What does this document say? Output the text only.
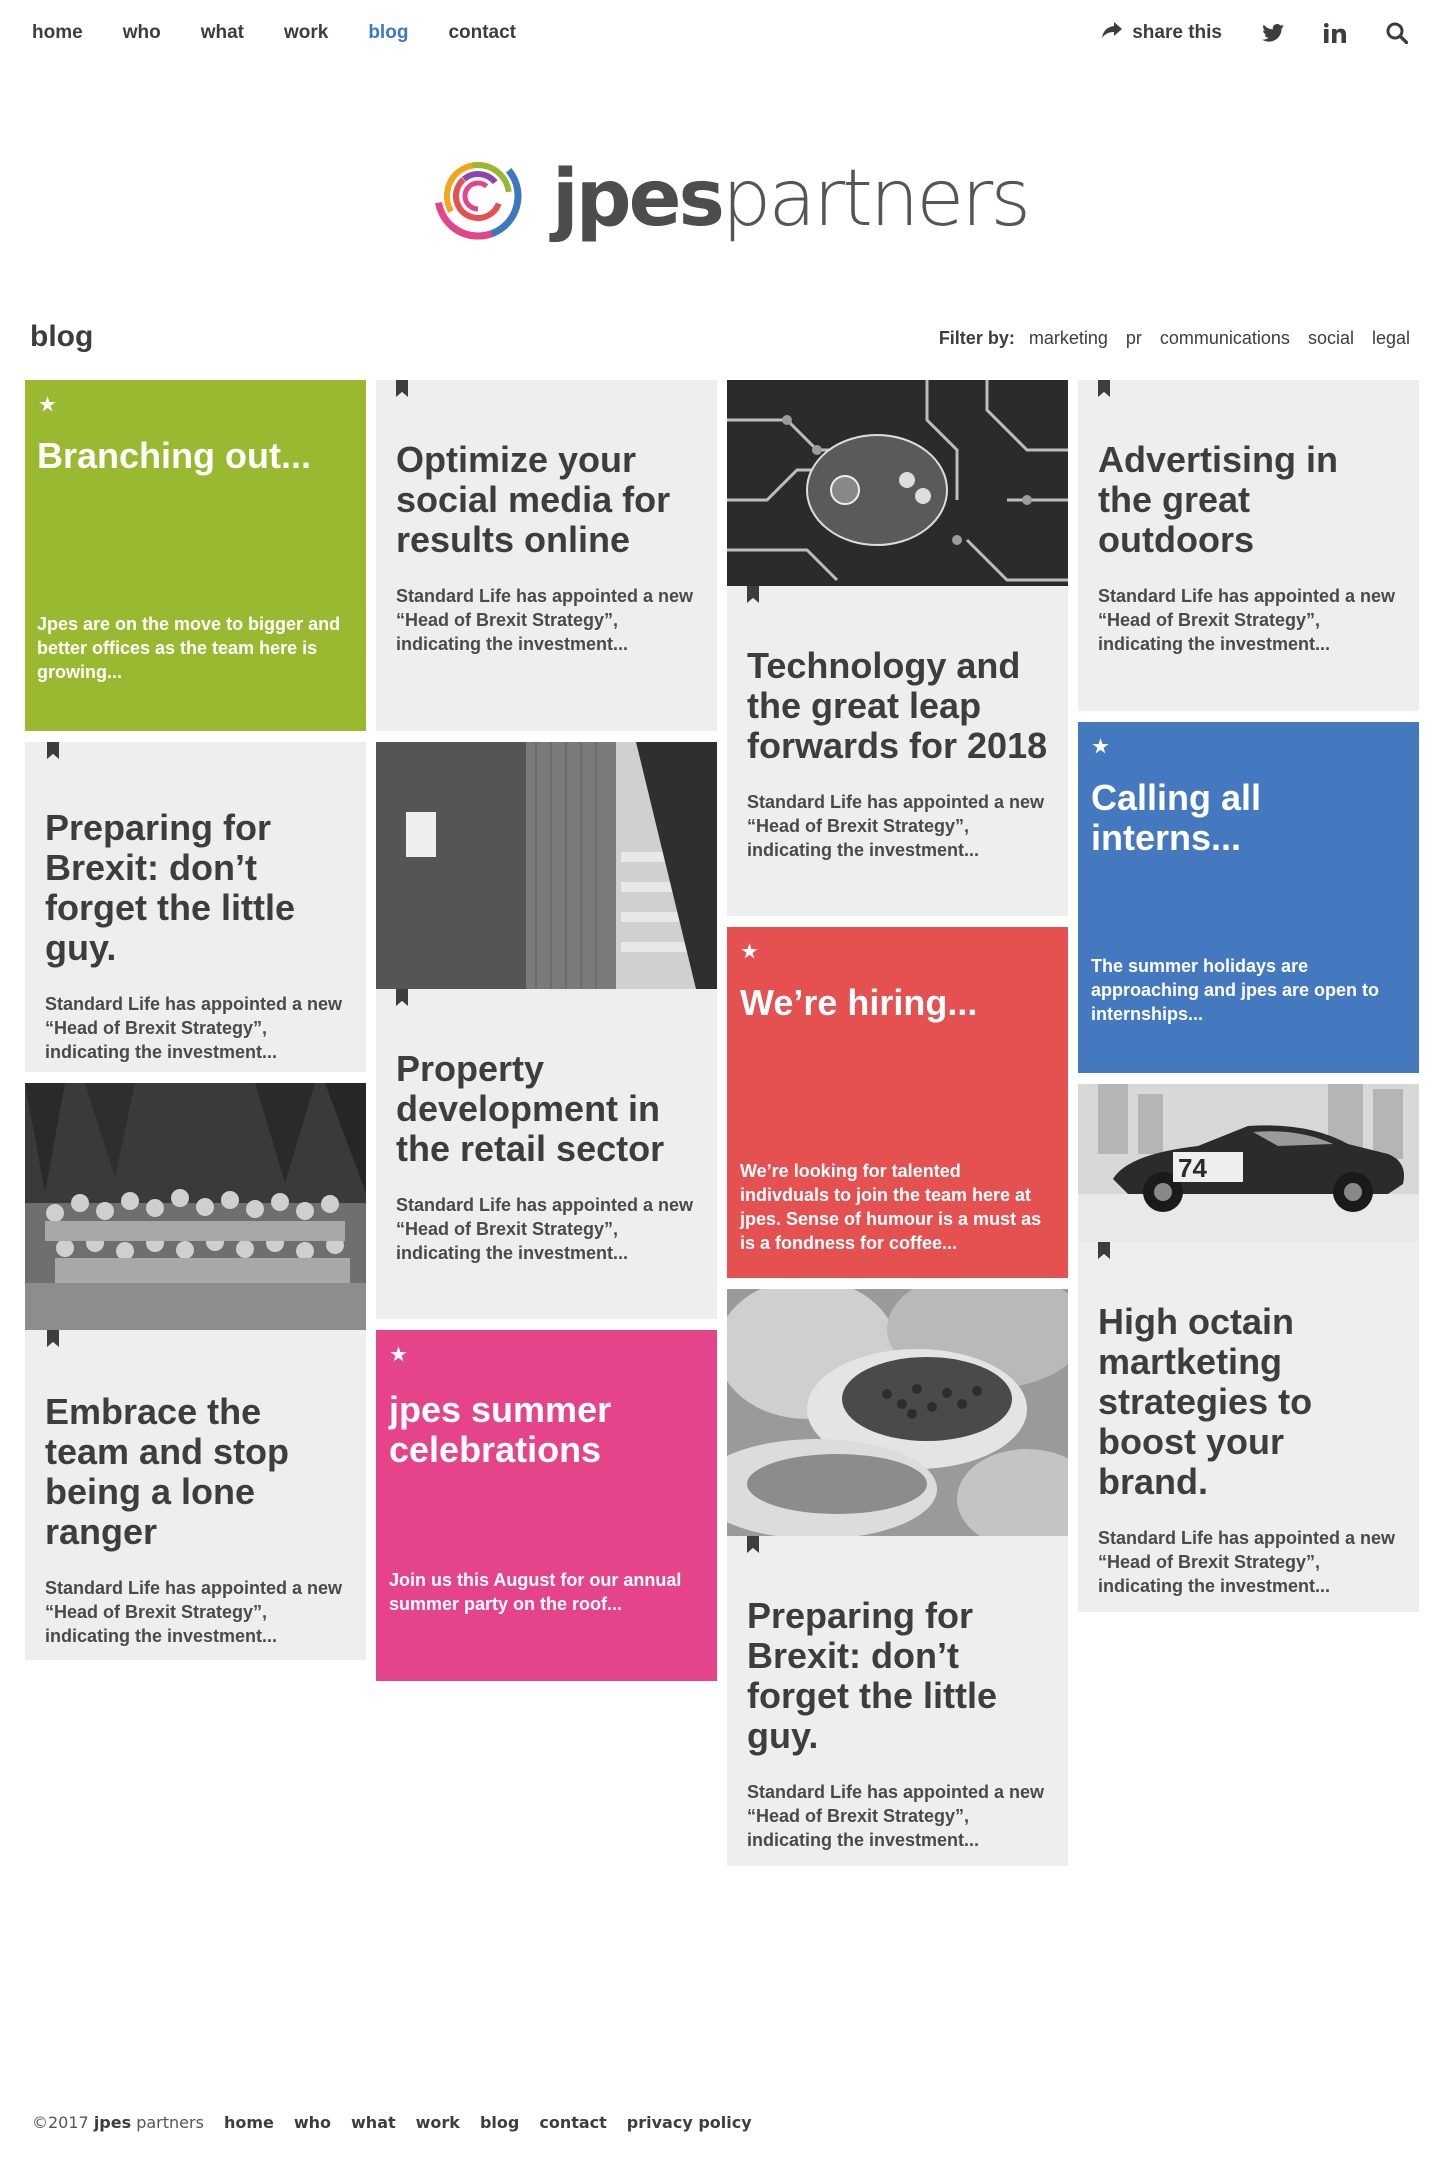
home who what work blog contact	share this
jpespartners
blog	Filter by: marketing pr communications social legal
Branching out...

Jpes are on the move to bigger and better offices as the team here is growing...

Preparing for Brexit: don’t forget the little guy.

Standard Life has appointed a new “Head of Brexit Strategy”, indicating the investment...

Embrace the team and stop being a lone ranger

Standard Life has appointed a new “Head of Brexit Strategy”, indicating the investment...

Optimize your social media for results online

Standard Life has appointed a new “Head of Brexit Strategy”, indicating the investment...

Property development in the retail sector

Standard Life has appointed a new “Head of Brexit Strategy”, indicating the investment...

jpes summer celebrations

Join us this August for our annual summer party on the roof...

Technology and the great leap forwards for 2018

Standard Life has appointed a new “Head of Brexit Strategy”, indicating the investment...

We’re hiring...

We’re looking for talented indivduals to join the team here at jpes. Sense of humour is a must as is a fondness for coffee...

Preparing for Brexit: don’t forget the little guy.

Standard Life has appointed a new “Head of Brexit Strategy”, indicating the investment...

Advertising in the great outdoors

Standard Life has appointed a new “Head of Brexit Strategy”, indicating the investment...

Calling all interns...

The summer holidays are approaching and jpes are open to internships...

74
High octain martketing strategies to boost your brand.

Standard Life has appointed a new “Head of Brexit Strategy”, indicating the investment...

©2017 jpes partners home who what work blog contact privacy policy
